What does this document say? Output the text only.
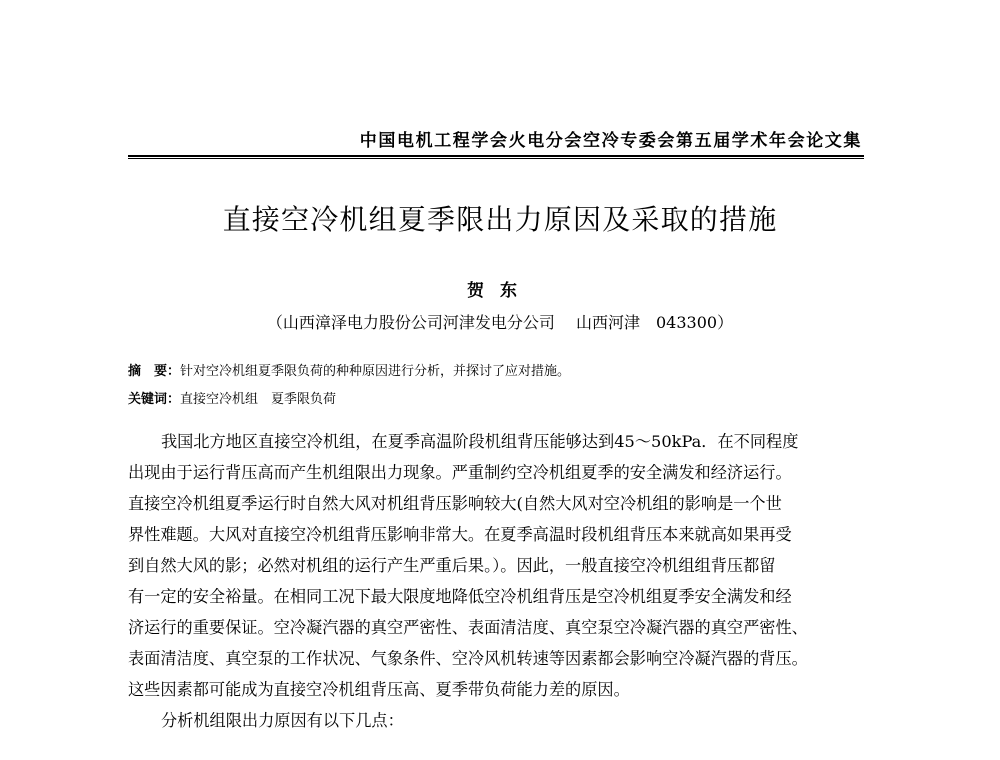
中国电机工程学会火电分会空冷专委会第五届学术年会论文集
直接空冷机组夏季限出力原因及采取的措施
贺东
（山西漳泽电力股份公司河津发电分公司　 山西河津　043300）
摘　要：针对空冷机组夏季限负荷的种种原因进行分析，并探讨了应对措施。
关键词：直接空冷机组　夏季限负荷
我国北方地区直接空冷机组，在夏季高温阶段机组背压能够达到45～50kPa．在不同程度
出现由于运行背压高而产生机组限出力现象。严重制约空冷机组夏季的安全满发和经济运行。
直接空冷机组夏季运行时自然大风对机组背压影响较大(自然大风对空冷机组的影响是一个世
界性难题。大风对直接空冷机组背压影响非常大。在夏季高温时段机组背压本来就高如果再受
到自然大风的影；必然对机组的运行产生严重后果。）。因此，一般直接空冷机组组背压都留
有一定的安全裕量。在相同工况下最大限度地降低空冷机组背压是空冷机组夏季安全满发和经
济运行的重要保证。空冷凝汽器的真空严密性、表面清洁度、真空泵空冷凝汽器的真空严密性、
表面清洁度、真空泵的工作状况、气象条件、空冷风机转速等因素都会影响空冷凝汽器的背压。
这些因素都可能成为直接空冷机组背压高、夏季带负荷能力差的原因。
分析机组限出力原因有以下几点：
